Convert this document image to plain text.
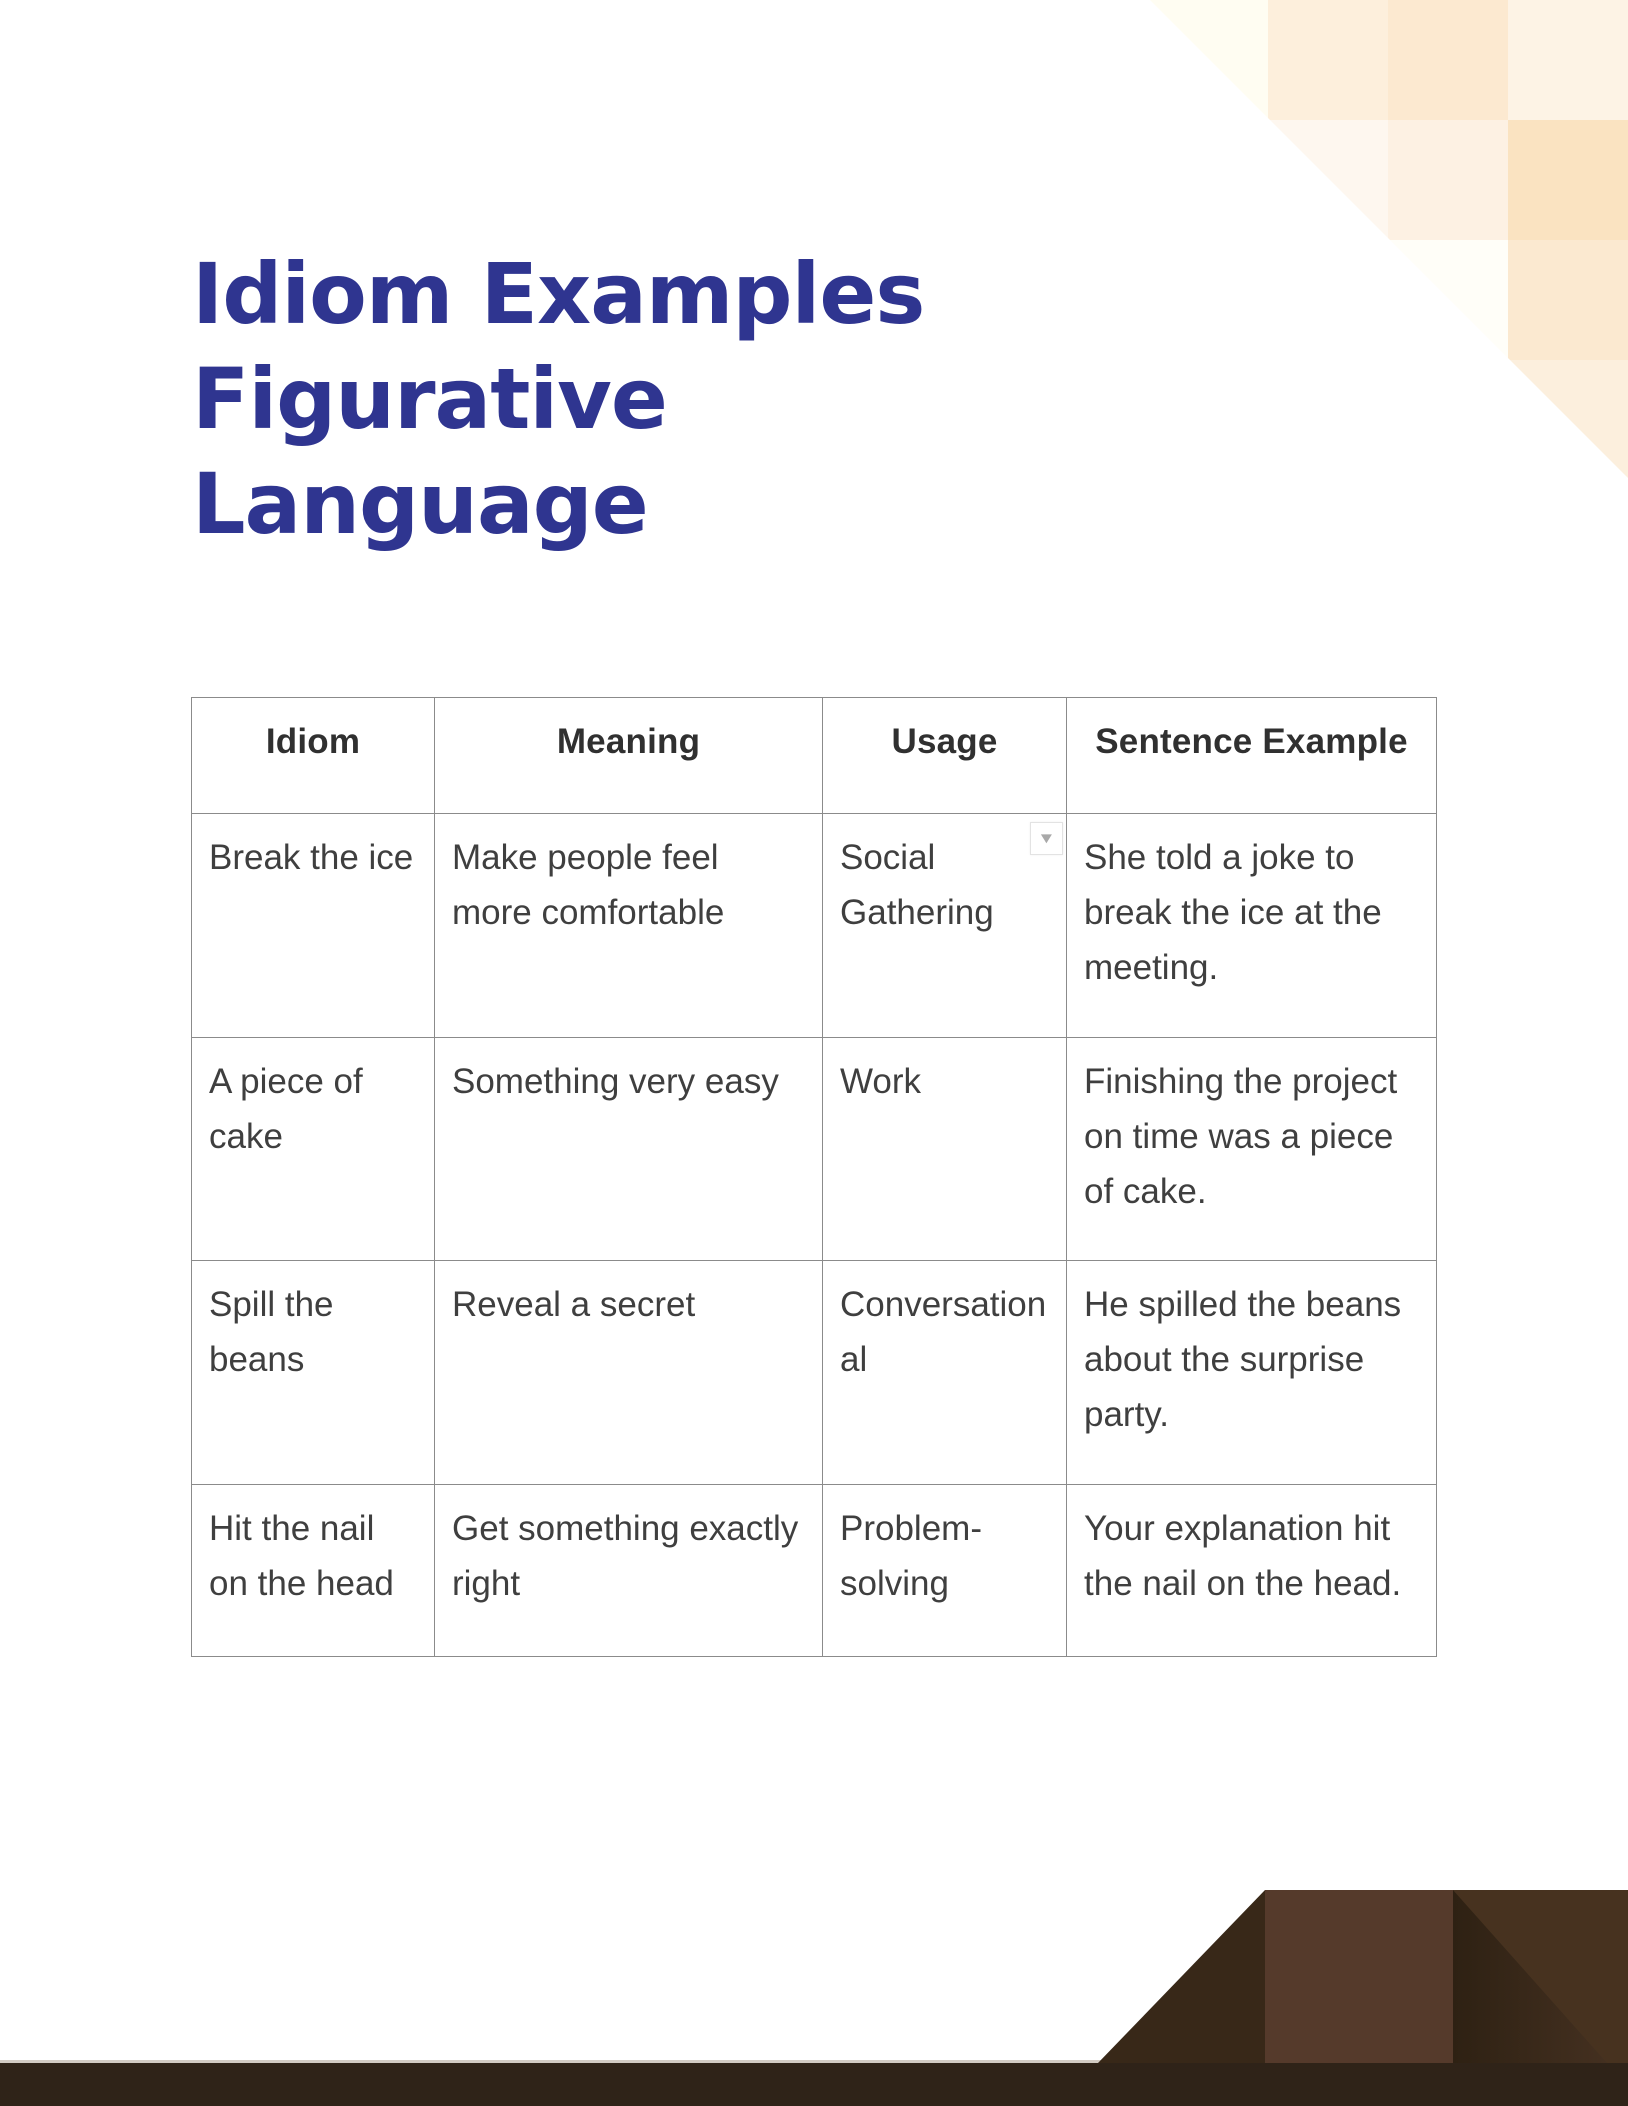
Idiom Examples
Figurative
Language
Idiom	Meaning	Usage	Sentence Example
Break the ice	Make people feel more comfortable	Social Gathering	She told a joke to break the ice at the meeting.
A piece of cake	Something very easy	Work	Finishing the project on time was a piece of cake.
Spill the beans	Reveal a secret	Conversational	He spilled the beans about the surprise party.
Hit the nail on the head	Get something exactly right	Problem-solving	Your explanation hit the nail on the head.
▼
